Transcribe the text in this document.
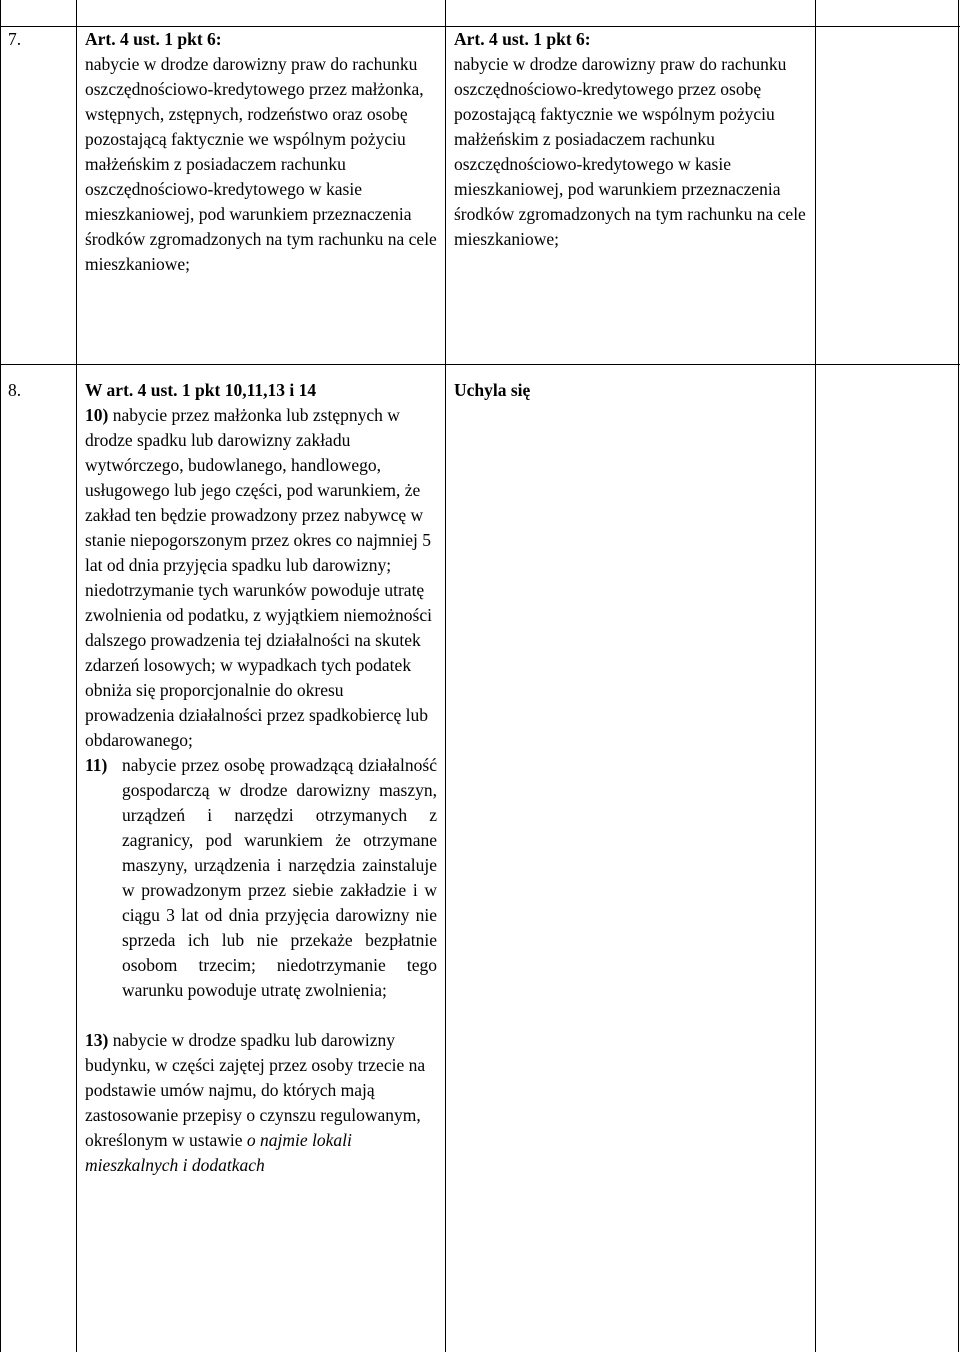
7.	Art. 4 ust. 1 pkt 6:

nabycie w drodze darowizny praw do rachunku oszczędnościowo-kredytowego przez małżonka, wstępnych, zstępnych, rodzeństwo oraz osobę pozostającą faktycznie we wspólnym pożyciu małżeńskim z posiadaczem rachunku oszczędnościowo-kredytowego w kasie mieszkaniowej, pod warunkiem przeznaczenia środków zgromadzonych na tym rachunku na cele mieszkaniowe;

Art. 4 ust. 1 pkt 6:

nabycie w drodze darowizny praw do rachunku oszczędnościowo-kredytowego przez osobę pozostającą faktycznie we wspólnym pożyciu małżeńskim z posiadaczem rachunku oszczędnościowo-kredytowego w kasie mieszkaniowej, pod warunkiem przeznaczenia środków zgromadzonych na tym rachunku na cele mieszkaniowe;

8.	W art. 4 ust. 1 pkt 10,11,13 i 14

10) nabycie przez małżonka lub zstępnych w drodze spadku lub darowizny zakładu wytwórczego, budowlanego, handlowego, usługowego lub jego części, pod warunkiem, że zakład ten będzie prowadzony przez nabywcę w stanie niepogorszonym przez okres co najmniej 5 lat od dnia przyjęcia spadku lub darowizny; niedotrzymanie tych warunków powoduje utratę zwolnienia od podatku, z wyjątkiem niemożności dalszego prowadzenia tej działalności na skutek zdarzeń losowych; w wypadkach tych podatek obniża się proporcjonalnie do okresu prowadzenia działalności przez spadkobiercę lub obdarowanego;

11) nabycie przez osobę prowadzącą działalność gospodarczą w drodze darowizny maszyn, urządzeń i narzędzi otrzymanych z zagranicy, pod warunkiem że otrzymane maszyny, urządzenia i narzędzia zainstaluje w prowadzonym przez siebie zakładzie i w ciągu 3 lat od dnia przyjęcia darowizny nie sprzeda ich lub nie przekaże bezpłatnie osobom trzecim; niedotrzymanie tego warunku powoduje utratę zwolnienia;

13) nabycie w drodze spadku lub darowizny budynku, w części zajętej przez osoby trzecie na podstawie umów najmu, do których mają zastosowanie przepisy o czynszu regulowanym, określonym w ustawie o najmie lokali mieszkalnych i dodatkach

Uchyla się
